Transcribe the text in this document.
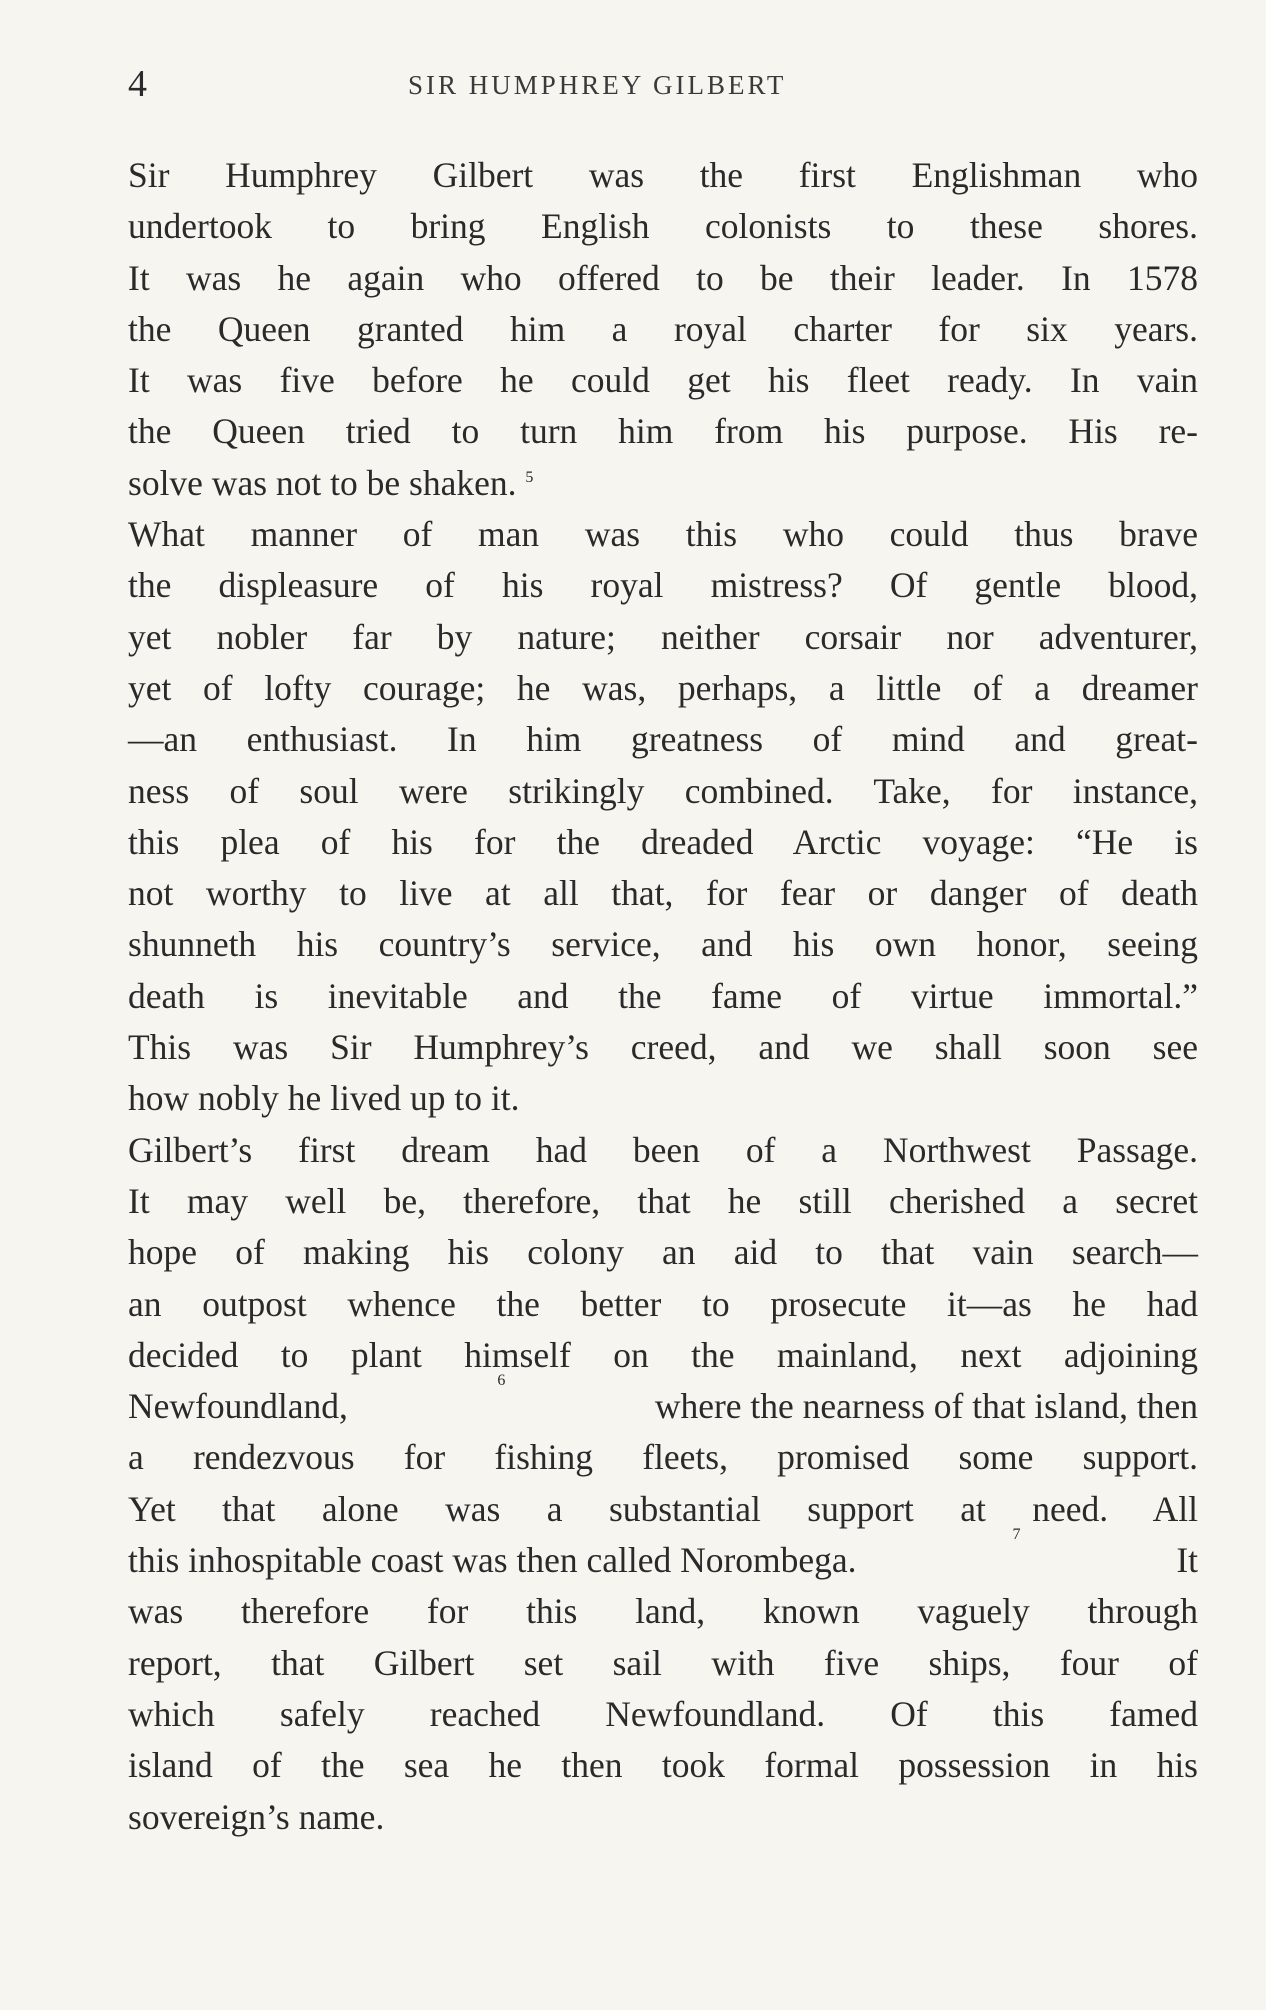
4	SIR HUMPHREY GILBERT
Sir Humphrey Gilbert was the first Englishman who
undertook to bring English colonists to these shores.
It was he again who offered to be their leader. In 1578
the Queen granted him a royal charter for six years.
It was five before he could get his fleet ready. In vain
the Queen tried to turn him from his purpose. His re-
solve was not to be shaken. $^5$
What manner of man was this who could thus brave
the displeasure of his royal mistress? Of gentle blood,
yet nobler far by nature; neither corsair nor adventurer,
yet of lofty courage; he was, perhaps, a little of a dreamer
—an enthusiast. In him greatness of mind and great-
ness of soul were strikingly combined. Take, for instance,
this plea of his for the dreaded Arctic voyage: “He is
not worthy to live at all that, for fear or danger of death
shunneth his country’s service, and his own honor, seeing
death is inevitable and the fame of virtue immortal.”
This was Sir Humphrey’s creed, and we shall soon see
how nobly he lived up to it.
Gilbert’s first dream had been of a Northwest Passage.
It may well be, therefore, that he still cherished a secret
hope of making his colony an aid to that vain search—
an outpost whence the better to prosecute it—as he had
decided to plant himself on the mainland, next adjoining
Newfoundland,
6
where the nearness of that island, then
a rendezvous for fishing fleets, promised some support.
Yet that alone was a substantial support at need. All
this inhospitable coast was then called Norombega.
7
It
was therefore for this land, known vaguely through
report, that Gilbert set sail with five ships, four of
which safely reached Newfoundland. Of this famed
island of the sea he then took formal possession in his
sovereign’s name.
